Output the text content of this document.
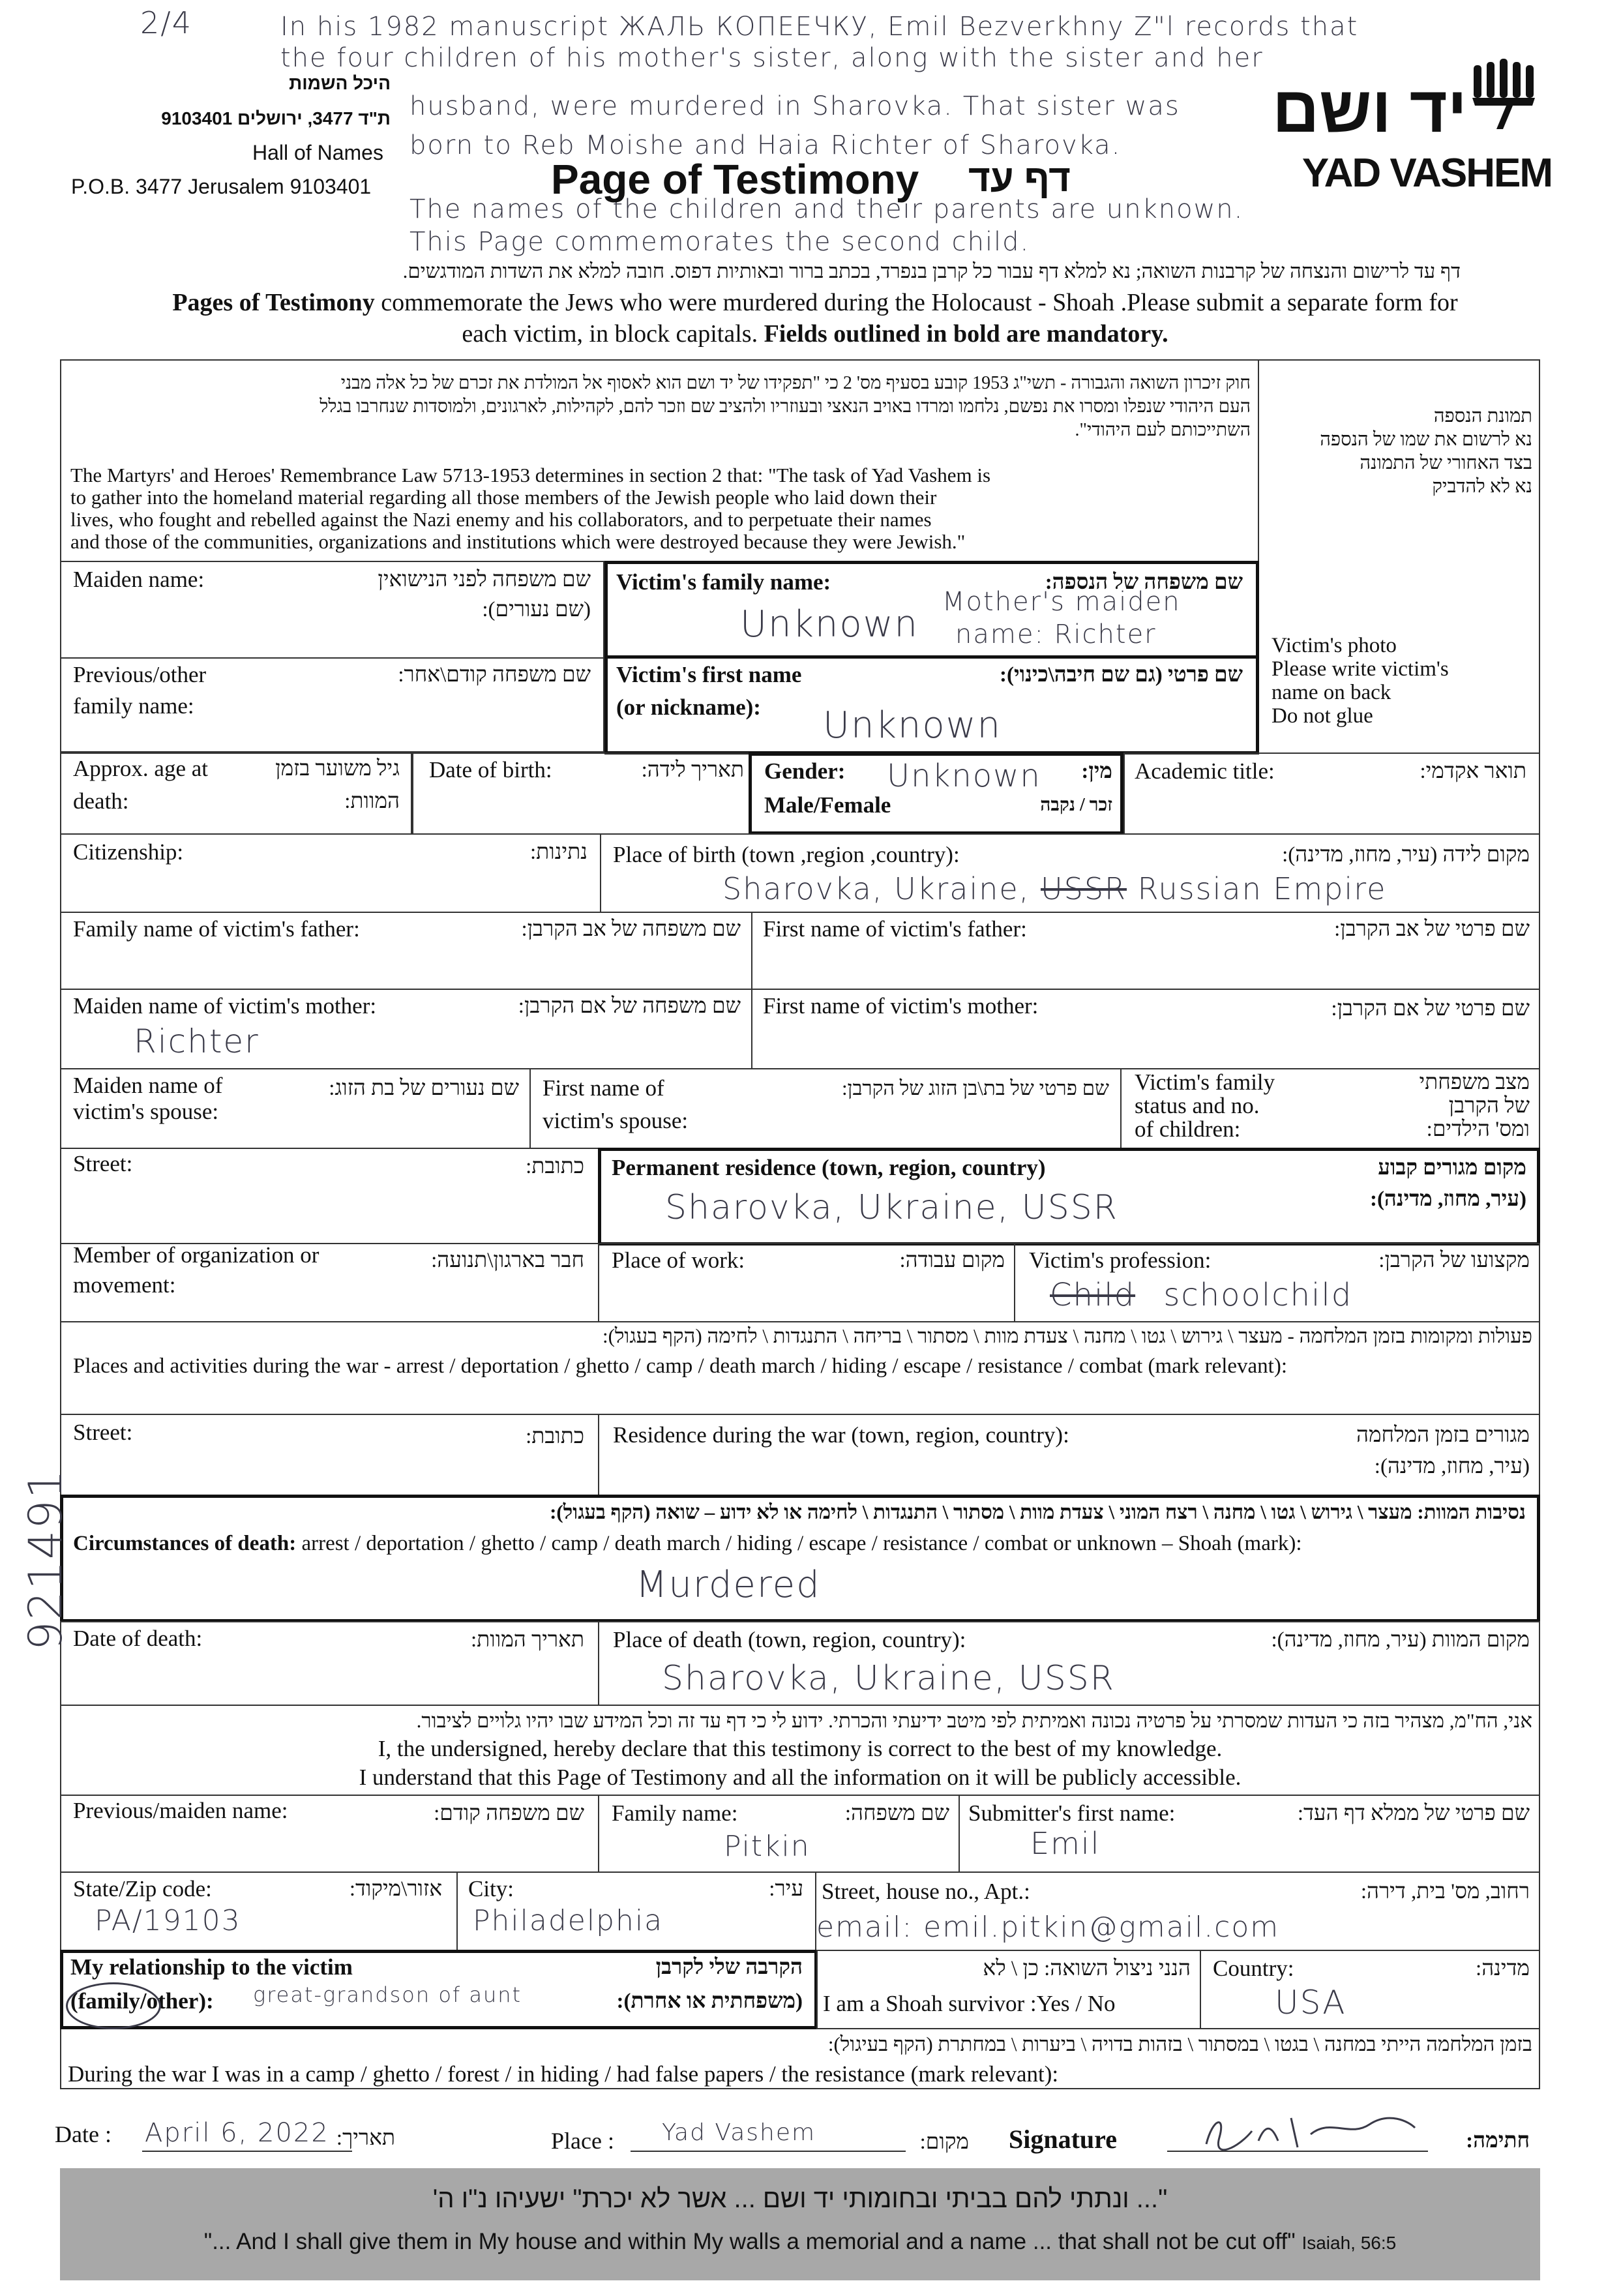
2/4	In his 1982 manuscript ЖАЛЬ КОПЕЕЧКУ, Emil Bezverkhny Z"l records that
the four children of his mother's sister, along with the sister and her
husband, were murdered in Sharovka. That sister was
born to Reb Moishe and Haia Richter of Sharovka.
The names of the children and their parents are unknown.
This Page commemorates the second child.
היכל השמות
ת"ד 3477, ירושלים 9103401
Hall of Names
P.O.B. 3477 Jerusalem 9103401	Page of Testimony דף עד
יד ושם
YAD VASHEM
דף עד לרישום והנצחה של קרבנות השואה; נא למלא דף עבור כל קרבן בנפרד, בכתב ברור ובאותיות דפוס. חובה למלא את השדות המודגשים.
Pages of Testimony commemorate the Jews who were murdered during the Holocaust - Shoah .Please submit a separate form for
each victim, in block capitals. Fields outlined in bold are mandatory.
חוק זיכרון השואה והגבורה - תשי"ג 1953 קובע בסעיף מס' 2 כי "תפקידו של יד ושם הוא לאסוף אל המולדת את זכרם של כל אלה מבני
העם היהודי שנפלו ומסרו את נפשם, נלחמו ומרדו באויב הנאצי ובעוזריו ולהציב שם וזכר להם, לקהילות, לארגונים, ולמוסדות שנחרבו בגלל
השתייכותם לעם היהודי".
The Martyrs' and Heroes' Remembrance Law 5713-1953 determines in section 2 that: "The task of Yad Vashem is
to gather into the homeland material regarding all those members of the Jewish people who laid down their
lives, who fought and rebelled against the Nazi enemy and his collaborators, and to perpetuate their names
and those of the communities, organizations and institutions which were destroyed because they were Jewish."
תמונת הנספה
נא לרשום את שמו של הנספה
בצד האחורי של התמונה
נא לא להדביק
Victim's photo
Please write victim's
name on back
Do not glue
Maiden name:	שם משפחה לפני הנישואין
(שם נעורים):
Victim's family name:	שם משפחה של הנספה:
Unknown
Mother's maiden
name: Richter
Previous/other
family name:
שם משפחה קודם\אחר: Victim's first name
(or nickname):
שם פרטי (גם שם חיבה\כינוי):
Unknown
Approx. age at
death:
גיל משוער בזמן
המוות:
Date of birth:	תאריך לידה: Gender:
Male/Female
מין:
זכר / נקבה
Unknown	Academic title:	תואר אקדמי:
Citizenship:	נתינות: Place of birth (town ,region ,country):	מקום לידה (עיר, מחוז, מדינה):
Sharovka, Ukraine, USSR Russian Empire
Family name of victim's father:	שם משפחה של אב הקרבן: First name of victim's father:	שם פרטי של אב הקרבן:
Maiden name of victim's mother:	שם משפחה של אם הקרבן:
Richter
First name of victim's mother:	שם פרטי של אם הקרבן:
Maiden name of
victim's spouse:
שם נעורים של בת הזוג: First name of
victim's spouse:
שם פרטי של בת\בן הזוג של הקרבן: Victim's family
status and no.
of children:
מצב משפחתי
של הקרבן
ומס' הילדים:
Street:	כתובת: Permanent residence (town, region, country)	מקום מגורים קבוע
(עיר, מחוז, מדינה):
Sharovka, Ukraine, USSR
Member of organization or
movement:
חבר בארגון\תנועה: Place of work:	מקום עבודה: Victim's profession:	מקצועו של הקרבן:
Child schoolchild
פעולות ומקומות בזמן המלחמה - מעצר \ גירוש \ גטו \ מחנה \ צעדת מוות \ מסתור \ בריחה \ התנגדות \ לחימה (הקף בעגול):
Places and activities during the war - arrest / deportation / ghetto / camp / death march / hiding / escape / resistance / combat (mark relevant):
Street:	כתובת: Residence during the war (town, region, country):	מגורים בזמן המלחמה
(עיר, מחוז, מדינה):
נסיבות המוות: מעצר \ גירוש \ גטו \ מחנה \ רצח המוני \ צעדת מוות \ מסתור \ התנגדות \ לחימה או לא ידוע – שואה (הקף בעגול):
Circumstances of death: arrest / deportation / ghetto / camp / death march / hiding / escape / resistance / combat or unknown – Shoah (mark):
Murdered
Date of death:	תאריך המוות: Place of death (town, region, country):	מקום המוות (עיר, מחוז, מדינה):
Sharovka, Ukraine, USSR
אני, הח"מ, מצהיר בזה כי העדות שמסרתי על פרטיה נכונה ואמיתית לפי מיטב ידיעתי והכרתי. ידוע לי כי דף עד זה וכל המידע שבו יהיו גלויים לציבור.
I, the undersigned, hereby declare that this testimony is correct to the best of my knowledge.
I understand that this Page of Testimony and all the information on it will be publicly accessible.
Previous/maiden name:	שם משפחה קודם: Family name:	שם משפחה:
Pitkin
Submitter's first name:	שם פרטי של ממלא דף העד:
Emil
State/Zip code:	אזור\מיקוד:
PA/19103
City:	עיר:
Philadelphia
Street, house no., Apt.:	רחוב, מס' בית, דירה:
email: emil.pitkin@gmail.com
My relationship to the victim
(family/other):
הקרבה שלי לקרבן
(משפחתית או אחרת):
great-grandson of aunt
הנני ניצול השואה: כן \ לא
I am a Shoah survivor :Yes / No
Country:	מדינה:
USA
בזמן המלחמה הייתי במחנה \ בגטו \ במסתור \ בזהות בדויה \ ביערות \ במחתרת (הקף בעיגול):
During the war I was in a camp / ghetto / forest / in hiding / had false papers / the resistance (mark relevant):
Date : April 6, 2022 תאריך:	Place : Yad Vashem	מקום: Signature	חתימה:
"... ונתתי להם בביתי ובחומותי יד ושם ... אשר לא יכרת" ישעיהו נ"ו ה'
"... And I shall give them in My house and within My walls a memorial and a name ... that shall not be cut off" Isaiah, 56:5
921491
